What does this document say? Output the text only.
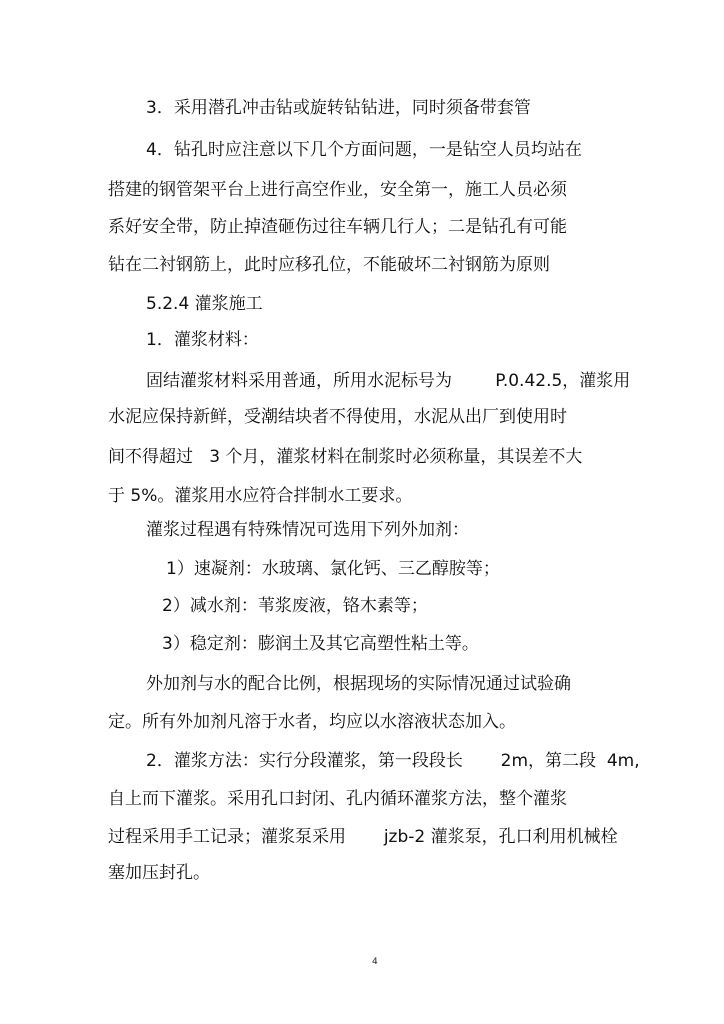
3．采用潜孔冲击钻或旋转钻钻进，同时须备带套管

4．钻孔时应注意以下几个方面问题，一是钻空人员均站在

搭建的钢管架平台上进行高空作业，安全第一，施工人员必须

系好安全带，防止掉渣砸伤过往车辆几行人；二是钻孔有可能

钻在二衬钢筋上，此时应移孔位，不能破坏二衬钢筋为原则

5.2.4 灌浆施工

1．灌浆材料：

固结灌浆材料采用普通，所用水泥标号为        P.0.42.5，灌浆用

水泥应保持新鲜，受潮结块者不得使用，水泥从出厂到使用时

间不得超过   3 个月，灌浆材料在制浆时必须称量，其误差不大

于 5%。灌浆用水应符合拌制水工要求。

灌浆过程遇有特殊情况可选用下列外加剂：

1）速凝剂：水玻璃、氯化钙、三乙醇胺等；

2）减水剂：苇浆废液，铬木素等；

3）稳定剂：膨润土及其它高塑性粘土等。

外加剂与水的配合比例，根据现场的实际情况通过试验确

定。所有外加剂凡溶于水者，均应以水溶液状态加入。

2．灌浆方法：实行分段灌浆，第一段段长       2m，第二段  4m,

自上而下灌浆。采用孔口封闭、孔内循环灌浆方法，整个灌浆

过程采用手工记录；灌浆泵采用       jzb-2 灌浆泵，孔口利用机械栓

塞加压封孔。

4
